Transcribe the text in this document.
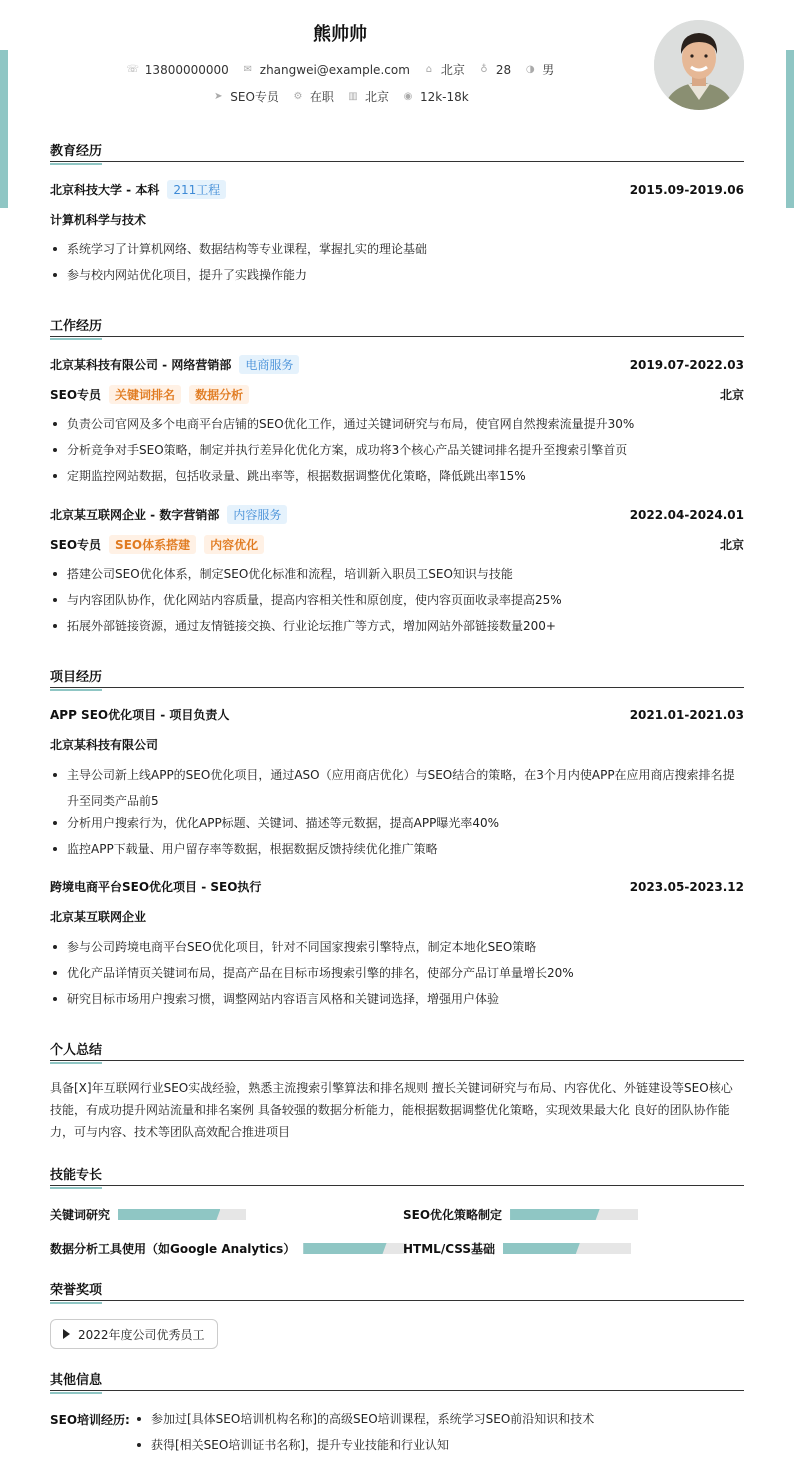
熊帅帅
☏ 13800000000 ✉ zhangwei@example.com	⌂ 北京	♁ 28 ◑ 男
➤ SEO专员 ⚙ 在职 ▥ 北京 ◉ 12k-18k
教育经历
北京科技大学 - 本科	211工程	2015.09-2019.06
计算机科学与技术
系统学习了计算机网络、数据结构等专业课程，掌握扎实的理论基础
参与校内网站优化项目，提升了实践操作能力
工作经历
北京某科技有限公司 - 网络营销部	电商服务	2019.07-2022.03
SEO专员	关键词排名	数据分析	北京
负责公司官网及多个电商平台店铺的SEO优化工作，通过关键词研究与布局，使官网自然搜索流量提升30%
分析竞争对手SEO策略，制定并执行差异化优化方案，成功将3个核心产品关键词排名提升至搜索引擎首页
定期监控网站数据，包括收录量、跳出率等，根据数据调整优化策略，降低跳出率15%
北京某互联网企业 - 数字营销部	内容服务	2022.04-2024.01
SEO专员	SEO体系搭建	内容优化	北京
搭建公司SEO优化体系，制定SEO优化标准和流程，培训新入职员工SEO知识与技能
与内容团队协作，优化网站内容质量，提高内容相关性和原创度，使内容页面收录率提高25%
拓展外部链接资源，通过友情链接交换、行业论坛推广等方式，增加网站外部链接数量200+
项目经历
APP SEO优化项目 - 项目负责人	2021.01-2021.03
北京某科技有限公司
主导公司新上线APP的SEO优化项目，通过ASO（应用商店优化）与SEO结合的策略，在3个月内使APP在应用商店搜索排名提升至同类产品前5
分析用户搜索行为，优化APP标题、关键词、描述等元数据，提高APP曝光率40%
监控APP下载量、用户留存率等数据，根据数据反馈持续优化推广策略
跨境电商平台SEO优化项目 - SEO执行	2023.05-2023.12
北京某互联网企业
参与公司跨境电商平台SEO优化项目，针对不同国家搜索引擎特点，制定本地化SEO策略
优化产品详情页关键词布局，提高产品在目标市场搜索引擎的排名，使部分产品订单量增长20%
研究目标市场用户搜索习惯，调整网站内容语言风格和关键词选择，增强用户体验
个人总结
具备[X]年互联网行业SEO实战经验，熟悉主流搜索引擎算法和排名规则 擅长关键词研究与布局、内容优化、外链建设等SEO核心技能，有成功提升网站流量和排名案例 具备较强的数据分析能力，能根据数据调整优化策略，实现效果最大化 良好的团队协作能力，可与内容、技术等团队高效配合推进项目
技能专长
关键词研究	SEO优化策略制定
数据分析工具使用（如Google Analytics）	HTML/CSS基础
荣誉奖项
2022年度公司优秀员工
其他信息
SEO培训经历:	参加过[具体SEO培训机构名称]的高级SEO培训课程，系统学习SEO前沿知识和技术
获得[相关SEO培训证书名称]，提升专业技能和行业认知
